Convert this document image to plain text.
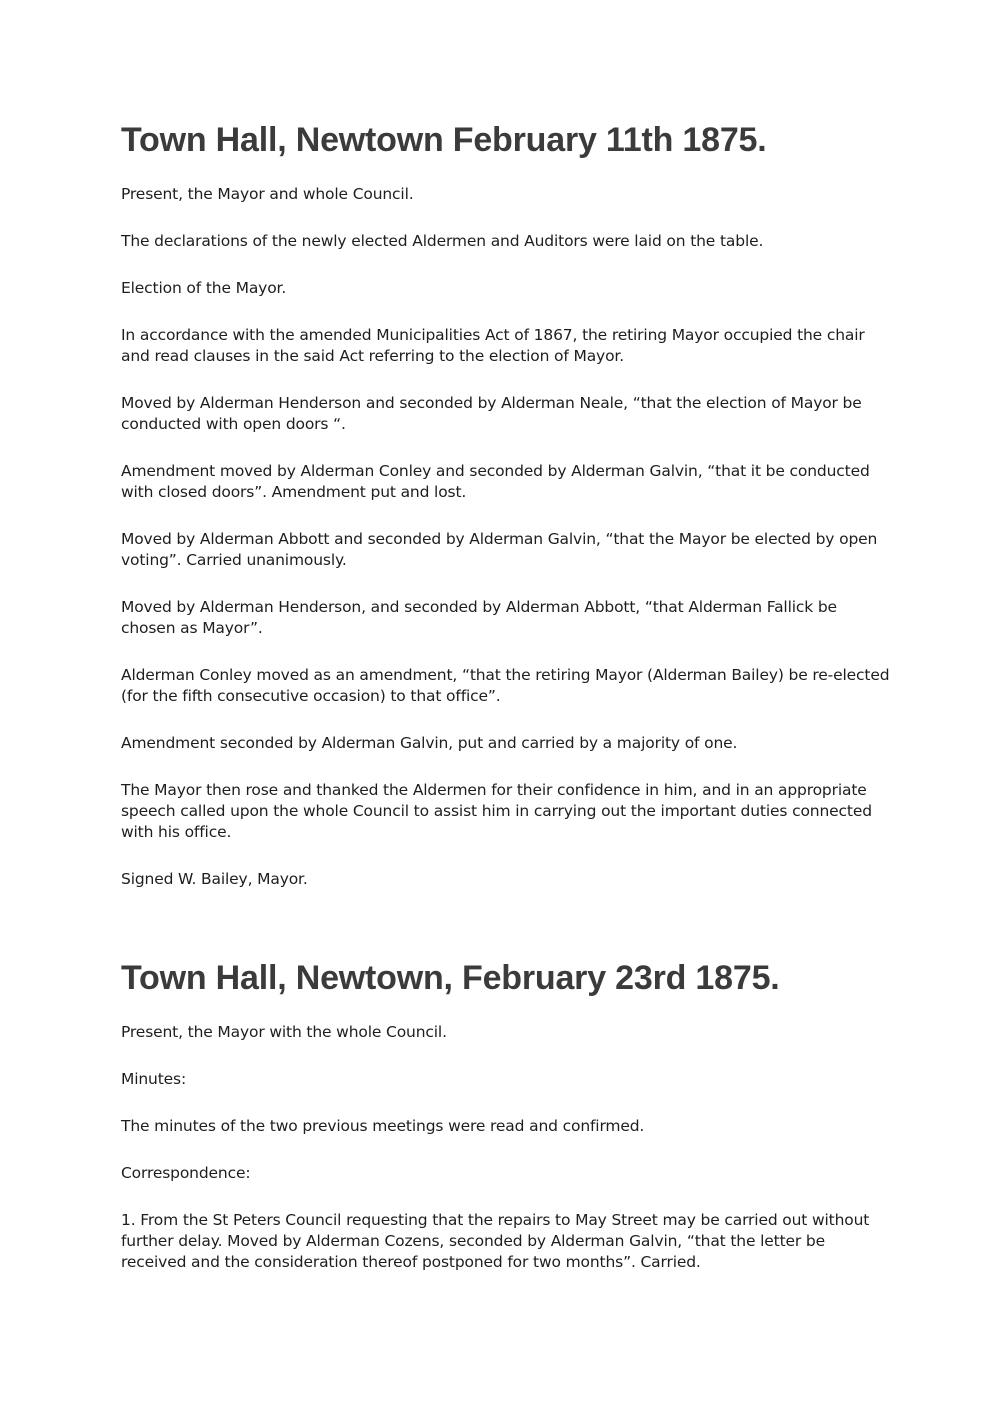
Town Hall, Newtown February 11th 1875.

Present, the Mayor and whole Council.

The declarations of the newly elected Aldermen and Auditors were laid on the table.

Election of the Mayor.

In accordance with the amended Municipalities Act of 1867, the retiring Mayor occupied the chair and read clauses in the said Act referring to the election of Mayor.

Moved by Alderman Henderson and seconded by Alderman Neale, “that the election of Mayor be conducted with open doors “.

Amendment moved by Alderman Conley and seconded by Alderman Galvin, “that it be conducted with closed doors”. Amendment put and lost.

Moved by Alderman Abbott and seconded by Alderman Galvin, “that the Mayor be elected by open voting”. Carried unanimously.

Moved by Alderman Henderson, and seconded by Alderman Abbott, “that Alderman Fallick be chosen as Mayor”.

Alderman Conley moved as an amendment, “that the retiring Mayor (Alderman Bailey) be re-elected (for the fifth consecutive occasion) to that office”.

Amendment seconded by Alderman Galvin, put and carried by a majority of one.

The Mayor then rose and thanked the Aldermen for their confidence in him, and in an appropriate speech called upon the whole Council to assist him in carrying out the important duties connected with his office.

Signed W. Bailey, Mayor.

Town Hall, Newtown, February 23rd 1875.

Present, the Mayor with the whole Council.

Minutes:

The minutes of the two previous meetings were read and confirmed.

Correspondence:

1. From the St Peters Council requesting that the repairs to May Street may be carried out without further delay. Moved by Alderman Cozens, seconded by Alderman Galvin, “that the letter be received and the consideration thereof postponed for two months”. Carried.
